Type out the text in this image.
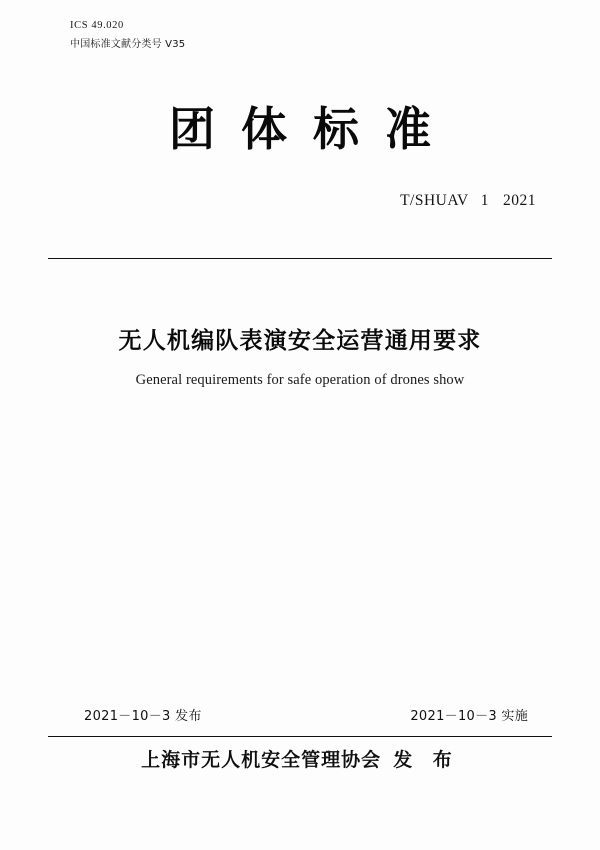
ICS 49.020
中国标准文献分类号 V35
团体标准
T/SHUAV 1 2021
无人机编队表演安全运营通用要求
General requirements for safe operation of drones show
2021－10－3 发布	2021－10－3 实施
上海市无人机安全管理协会 发 布
